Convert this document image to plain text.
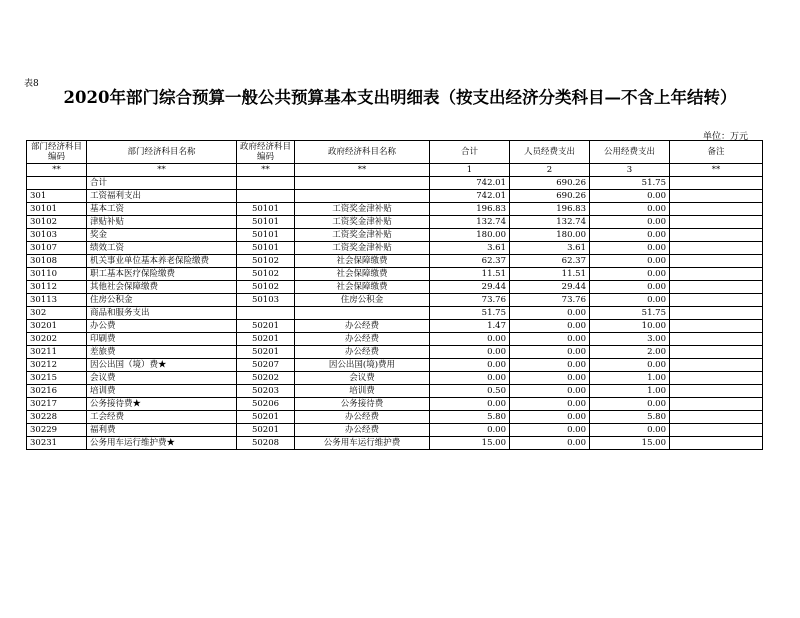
表8
2020年部门综合预算一般公共预算基本支出明细表（按支出经济分类科目—不含上年结转）
单位：万元
部门经济科目编码	部门经济科目名称	政府经济科目编码	政府经济科目名称	合计	人员经费支出	公用经费支出	备注
**	**	**	**	1	2	3	**
	合计			742.01	690.26	51.75	
301	工资福利支出			742.01	690.26	0.00	
30101	基本工资	50101	工资奖金津补贴	196.83	196.83	0.00	
30102	津贴补贴	50101	工资奖金津补贴	132.74	132.74	0.00	
30103	奖金	50101	工资奖金津补贴	180.00	180.00	0.00	
30107	绩效工资	50101	工资奖金津补贴	3.61	3.61	0.00	
30108	机关事业单位基本养老保险缴费	50102	社会保障缴费	62.37	62.37	0.00	
30110	职工基本医疗保险缴费	50102	社会保障缴费	11.51	11.51	0.00	
30112	其他社会保障缴费	50102	社会保障缴费	29.44	29.44	0.00	
30113	住房公积金	50103	住房公积金	73.76	73.76	0.00	
302	商品和服务支出			51.75	0.00	51.75	
30201	办公费	50201	办公经费	1.47	0.00	10.00	
30202	印刷费	50201	办公经费	0.00	0.00	3.00	
30211	差旅费	50201	办公经费	0.00	0.00	2.00	
30212	因公出国（境）费★	50207	因公出国(境)费用	0.00	0.00	0.00	
30215	会议费	50202	会议费	0.00	0.00	1.00	
30216	培训费	50203	培训费	0.50	0.00	1.00	
30217	公务接待费★	50206	公务接待费	0.00	0.00	0.00	
30228	工会经费	50201	办公经费	5.80	0.00	5.80	
30229	福利费	50201	办公经费	0.00	0.00	0.00	
30231	公务用车运行维护费★	50208	公务用车运行维护费	15.00	0.00	15.00	
